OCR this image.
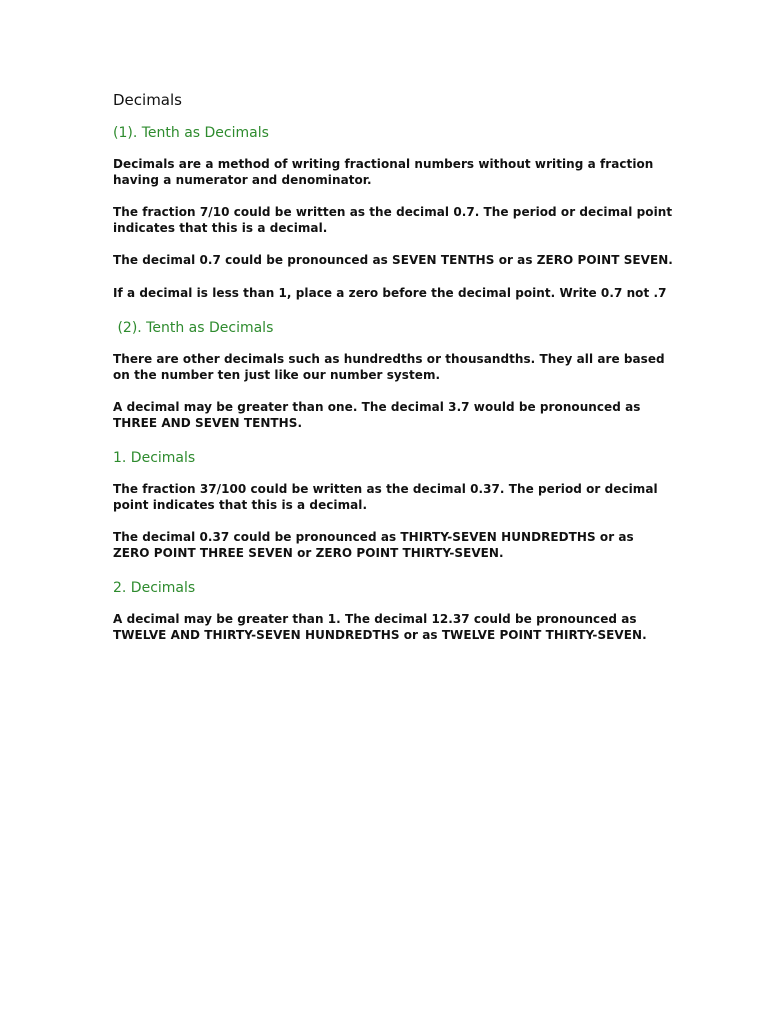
Decimals
(1). Tenth as Decimals

Decimals are a method of writing fractional numbers without writing a fraction having a numerator and denominator.

The fraction 7/10 could be written as the decimal 0.7. The period or decimal point indicates that this is a decimal.

The decimal 0.7 could be pronounced as SEVEN TENTHS or as ZERO POINT SEVEN.

If a decimal is less than 1, place a zero before the decimal point. Write 0.7 not .7

(2). Tenth as Decimals

There are other decimals such as hundredths or thousandths. They all are based on the number ten just like our number system.

A decimal may be greater than one. The decimal 3.7 would be pronounced as THREE AND SEVEN TENTHS.

1. Decimals

The fraction 37/100 could be written as the decimal 0.37. The period or decimal point indicates that this is a decimal.

The decimal 0.37 could be pronounced as THIRTY-SEVEN HUNDREDTHS or as ZERO POINT THREE SEVEN or ZERO POINT THIRTY-SEVEN.

2. Decimals

A decimal may be greater than 1. The decimal 12.37 could be pronounced as TWELVE AND THIRTY-SEVEN HUNDREDTHS or as TWELVE POINT THIRTY-SEVEN.
